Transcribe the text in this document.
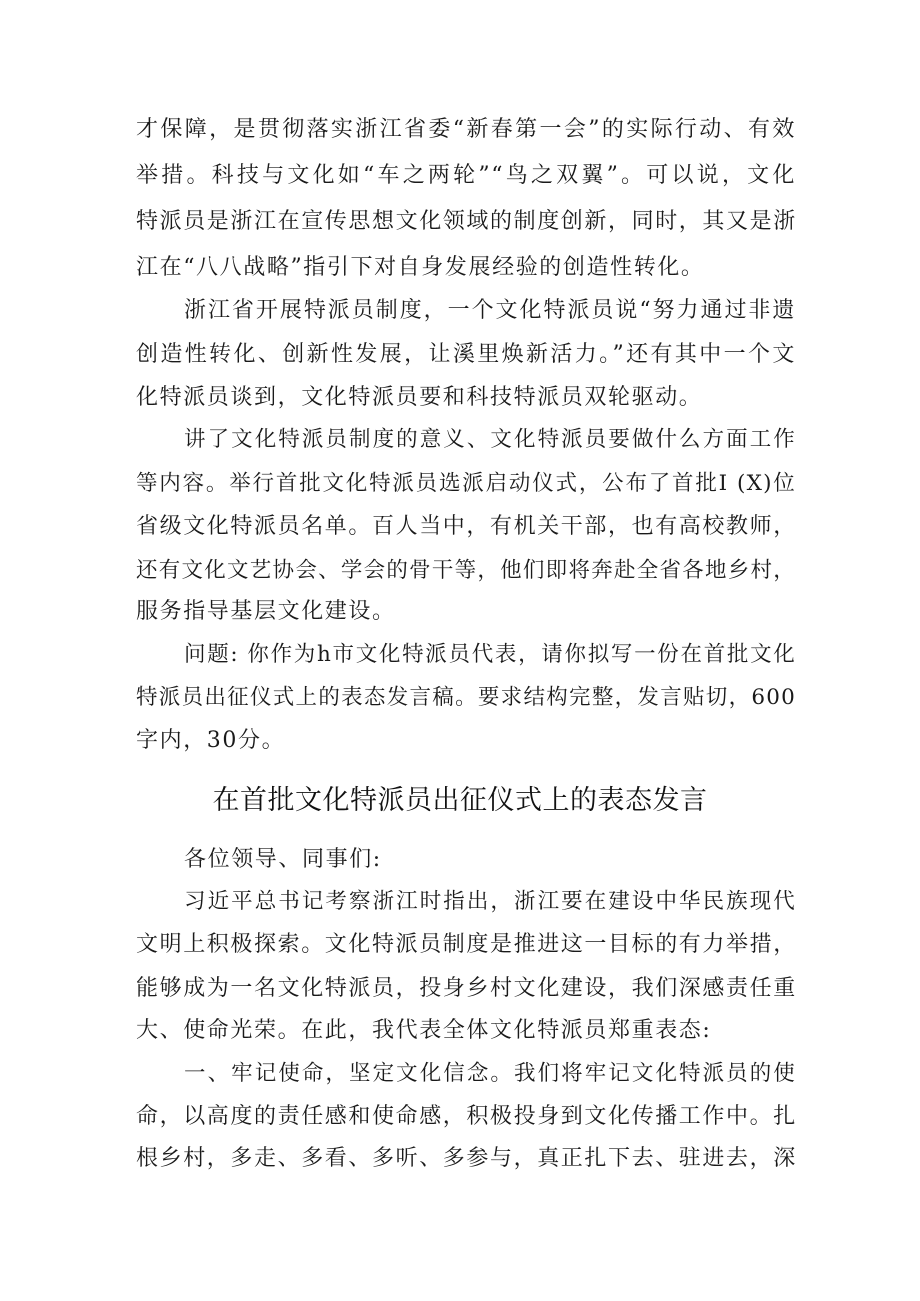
才保障，是贯彻落实浙江省委“新春第一会”的实际行动、有效
举措。科技与文化如“车之两轮”“鸟之双翼”。可以说，文化
特派员是浙江在宣传思想文化领域的制度创新，同时，其又是浙
江在“八八战略”指引下对自身发展经验的创造性转化。
浙江省开展特派员制度，一个文化特派员说“努力通过非遗
创造性转化、创新性发展，让溪里焕新活力。”还有其中一个文
化特派员谈到，文化特派员要和科技特派员双轮驱动。
讲了文化特派员制度的意义、文化特派员要做什么方面工作
等内容。举行首批文化特派员选派启动仪式，公布了首批I (X)位
省级文化特派员名单。百人当中，有机关干部，也有高校教师，
还有文化文艺协会、学会的骨干等，他们即将奔赴全省各地乡村，
服务指导基层文化建设。
问题: 你作为h市文化特派员代表，请你拟写一份在首批文化
特派员出征仪式上的表态发言稿。要求结构完整，发言贴切，600
字内，30分。
在首批文化特派员出征仪式上的表态发言
各位领导、同事们:
习近平总书记考察浙江时指出，浙江要在建设中华民族现代
文明上积极探索。文化特派员制度是推进这一目标的有力举措，
能够成为一名文化特派员，投身乡村文化建设，我们深感责任重
大、使命光荣。在此，我代表全体文化特派员郑重表态:
一、牢记使命，坚定文化信念。我们将牢记文化特派员的使
命，以高度的责任感和使命感，积极投身到文化传播工作中。扎
根乡村，多走、多看、多听、多参与，真正扎下去、驻进去，深
